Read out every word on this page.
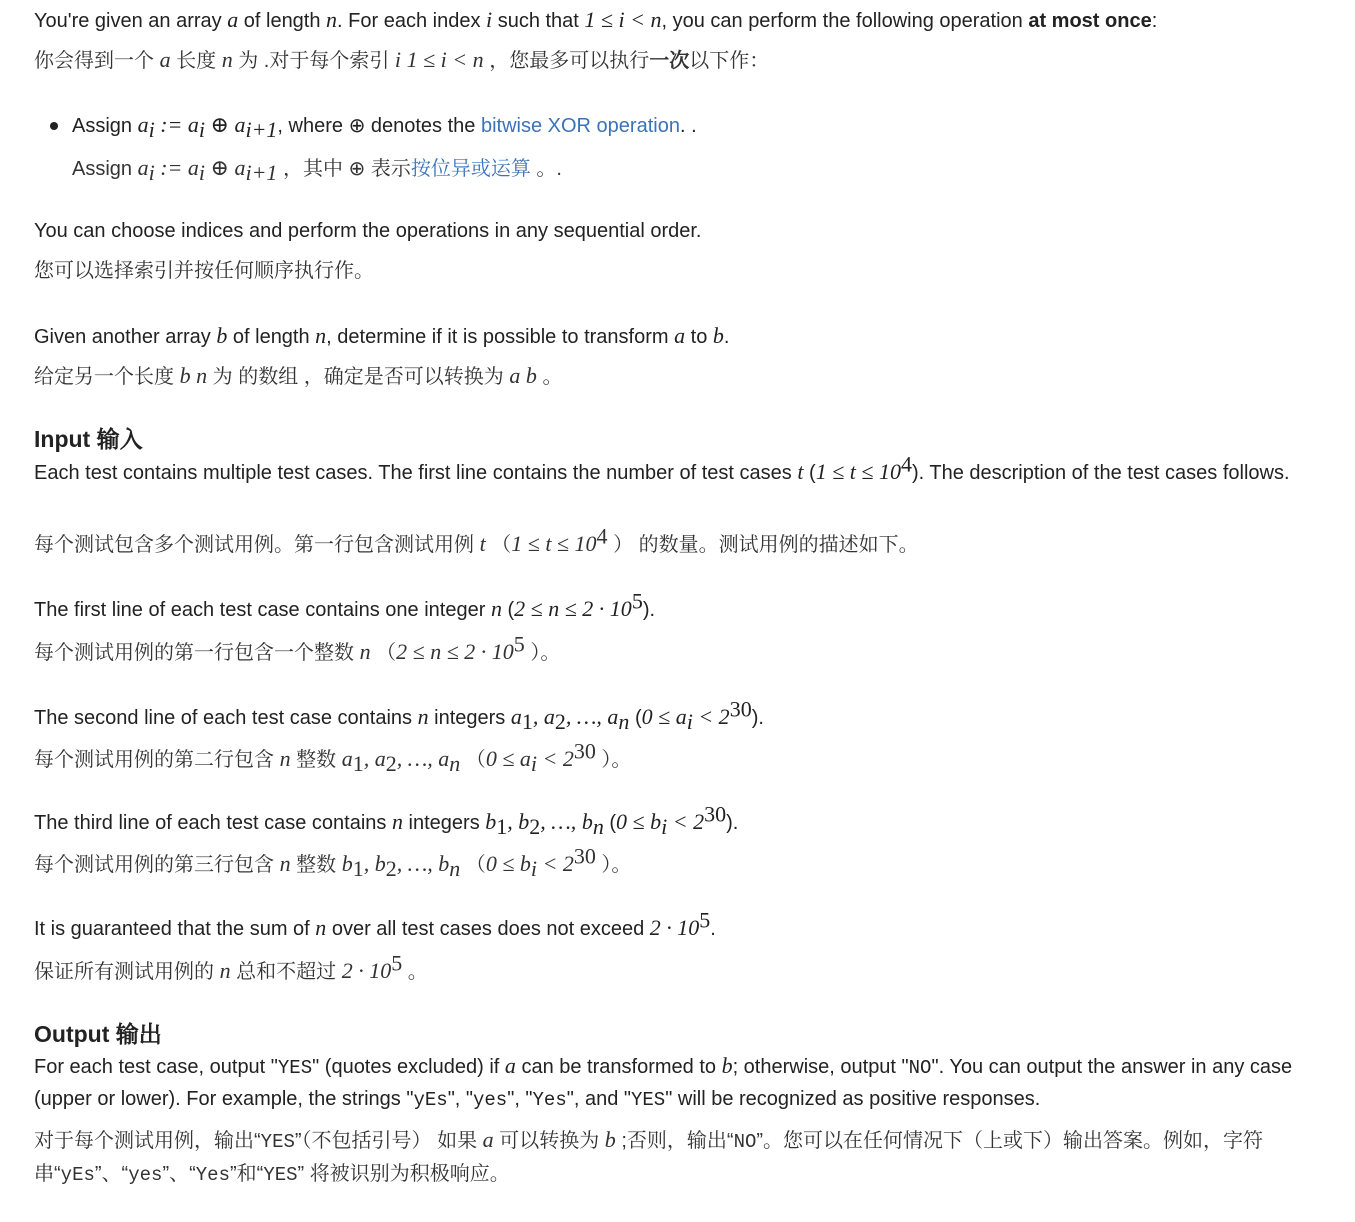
You're given an array a of length n. For each index i such that 1 ≤ i < n, you can perform the following operation at most once:

你会得到一个 a 长度 n 为 .对于每个索引 i 1 ≤ i < n ，您最多可以执行一次以下作：

Assign $a_i$ := $a_i$ ⊕ $a_{i+1}$, where ⊕ denotes the bitwise XOR operation. .

Assign $a_i$ := $a_i$ ⊕ $a_{i+1}$ ，其中 ⊕ 表示按位异或运算 。.

You can choose indices and perform the operations in any sequential order.

您可以选择索引并按任何顺序执行作。

Given another array b of length n, determine if it is possible to transform a to b.

给定另一个长度 b n 为 的数组 ，确定是否可以转换为 a b 。

Input 输入

Each test contains multiple test cases. The first line contains the number of test cases t $(1 \le t \le 10^4)$. The description of the test cases follows.

每个测试包含多个测试用例。第一行包含测试用例 t （$1 \le t \le 10^4$ ） 的数量。测试用例的描述如下。

The first line of each test case contains one integer n $(2 \le n \le 2 \cdot 10^5)$.

每个测试用例的第一行包含一个整数 n （$2 \le n \le 2 \cdot 10^5$ ）。

The second line of each test case contains n integers $a_1$, $a_2$, …, $a_n$ $(0 \le a_i < 2^{30})$.

每个测试用例的第二行包含 n 整数 $a_1$, $a_2$, …, $a_n$ （$0 \le a_i < 2^{30}$ ）。

The third line of each test case contains n integers $b_1$, $b_2$, …, $b_n$ $(0 \le b_i < 2^{30})$.

每个测试用例的第三行包含 n 整数 $b_1$, $b_2$, …, $b_n$ （$0 \le b_i < 2^{30}$ ）。

It is guaranteed that the sum of n over all test cases does not exceed $2 \cdot 10^5$.

保证所有测试用例的 n 总和不超过 $2 \cdot 10^5$ 。

Output 输出

For each test case, output "YES" (quotes excluded) if a can be transformed to b; otherwise, output "NO". You can output the answer in any case (upper or lower). For example, the strings "yEs", "yes", "Yes", and "YES" will be recognized as positive responses.

对于每个测试用例，输出“YES”（不包括引号） 如果 a 可以转换为 b ;否则，输出“NO”。您可以在任何情况下（上或下）输出答案。例如，字符串“yEs”、“yes”、“Yes”和“YES” 将被识别为积极响应。
